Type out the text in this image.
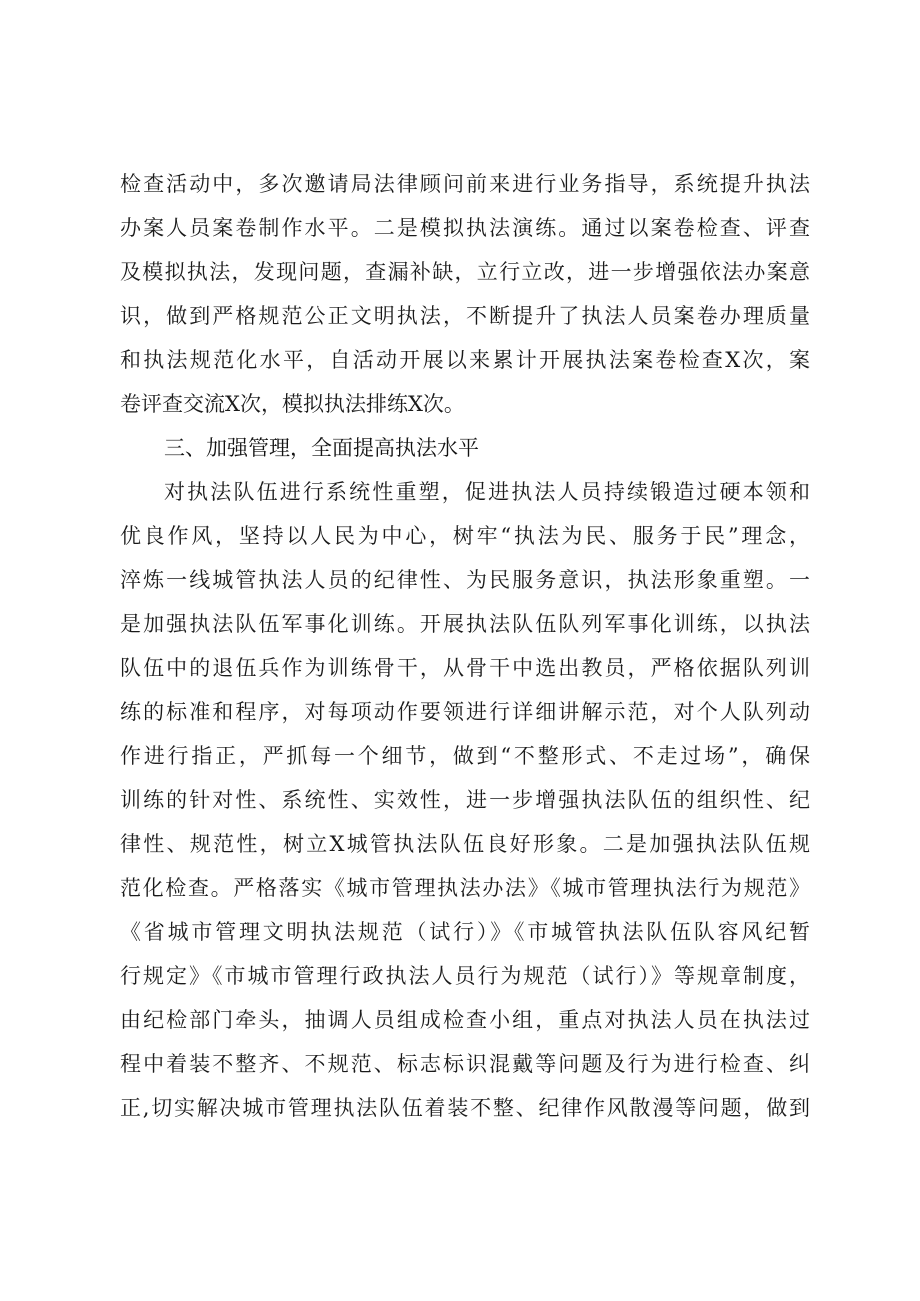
检查活动中，多次邀请局法律顾问前来进行业务指导，系统提升执法
办案人员案卷制作水平。二是模拟执法演练。通过以案卷检查、评查
及模拟执法，发现问题，查漏补缺，立行立改，进一步增强依法办案意
识，做到严格规范公正文明执法，不断提升了执法人员案卷办理质量
和执法规范化水平，自活动开展以来累计开展执法案卷检查X次，案
卷评查交流X次，模拟执法排练X次。
三、加强管理，全面提高执法水平
对执法队伍进行系统性重塑，促进执法人员持续锻造过硬本领和
优良作风，坚持以人民为中心，树牢“执法为民、服务于民”理念，
淬炼一线城管执法人员的纪律性、为民服务意识，执法形象重塑。一
是加强执法队伍军事化训练。开展执法队伍队列军事化训练，以执法
队伍中的退伍兵作为训练骨干，从骨干中选出教员，严格依据队列训
练的标准和程序，对每项动作要领进行详细讲解示范，对个人队列动
作进行指正，严抓每一个细节，做到“不整形式、不走过场”，确保
训练的针对性、系统性、实效性，进一步增强执法队伍的组织性、纪
律性、规范性，树立X城管执法队伍良好形象。二是加强执法队伍规
范化检查。严格落实《城市管理执法办法》《城市管理执法行为规范》
《省城市管理文明执法规范（试行）》《市城管执法队伍队容风纪暂
行规定》《市城市管理行政执法人员行为规范（试行）》等规章制度，
由纪检部门牵头，抽调人员组成检查小组，重点对执法人员在执法过
程中着装不整齐、不规范、标志标识混戴等问题及行为进行检查、纠
正,切实解决城市管理执法队伍着装不整、纪律作风散漫等问题，做到
